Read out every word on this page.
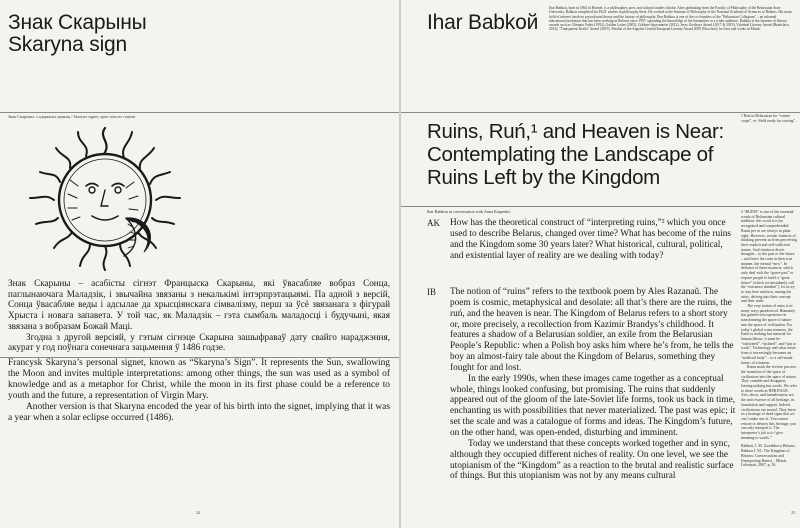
Знак Скарыны
Skaryna sign
Знак Скарыны: з адкрытых крыніц / Skaryna signet, open sources content

Знак Скарыны – асабісты сігнэт Францыска Скарыны, які ўвасабляе вобраз Сонца, паглынаючага Маладзік, і звычайна звязаны з некалькімі інтэрпрэтацыямі. Па адной з версій, Сонца ўвасабляе веды і адсылае да хрысціянскага сімвалізму, перш за ўсё звязанага з фігурай Хрыста і новага запавета. У той час, як Маладзік – гэта сымбаль маладосці і будучыні, якая звязана з вобразам Божай Маці.

Згодна з другой версіяй, у гэтым сігнэце Скарына зашыфраваў дату свайго нараджэння, акурат у год поўнага сонечнага зацьмення ў 1486 годзе.

Francysk Skaryna’s personal signet, known as “Skaryna’s Sign”. It represents the Sun, swallowing the Moon and invites multiple interpretations: among other things, the sun was used as a symbol of knowledge and as a metaphor for Christ, while the moon in its first phase could be a reference to youth and the future, a representation of Virgin Mary.

Another version is that Skaryna encoded the year of his birth into the signet, implying that it was a year when a solar eclipse occurred (1486).

24
Ihar Babkoй
Ihar Babkou, born in 1964 in Homiel, is a philosopher, poet, and cultural studies scholar. After graduating from the Faculty of Philosophy of the Belarusian State University, Babkou completed his Ph.D. studies in philosophy there. He worked at the Institute of Philosophy of the National Academy of Sciences of Belarus. His main field of interest involves postcolonial theory and the history of philosophy. Ihar Babkou is one of the co-founders of the "Belarusian Collegium" – an informal educational institution that has been working in Belarus since 1997, spreading the knowledge of the humanities to a wider audience. Babkou is the laureate of literary awards such as Glinnaia Vodes (1992), Golden Letter (2005), Goldner Sporsmartie (2012), Jerzy Giedroyc Award (2017 & 2019), Vyhebral Literary Award (Bratislava, 2014), "Transparent Kesha" Award (2019), Finalist of the Angelus Central European Literary Award 2009 (Wroclaw); he lives and works in Minsk.
Ruins, Ruń,¹ and Heaven is Near: Contemplating the Landscape of Ruins Left by the Kingdom
1 Ruń in Belarusian for “winter crops”, or “field ready for sowing”.
Ihar Babkou in conversation with Anna Karpenko
AK	How has the theoretical construct of “interpreting ruins,”² which you once used to describe Belarus, changed over time? What has become of the ruins and the Kingdom some 30 years later? What historical, cultural, political, and existential layer of reality are we dealing with today?
IB	The notion of “ruins” refers to the textbook poem by Ales Razanaŭ. The poem is cosmic, metaphysical and desolate: all that’s there are the ruins, the ruń, and the heaven is near. The Kingdom of Belarus refers to a short story or, more precisely, a recollection from Kazimir Brandys’s childhood. It features a shadow of a Belarusian soldier, an exile from the Belarusian People’s Republic: when a Polish boy asks him where he’s from, he tells the boy an almost-fairy tale about the Kingdom of Belarus, something they fought for and lost.

In the early 1990s, when these images came together as a conceptual whole, things looked confusing, but promising. The ruins that suddenly appeared out of the gloom of the late-Soviet life forms, took us back in time, enchanting us with possibilities that never materialized. The past was epic; it set the scale and was a catalogue of forms and ideas. The Kingdom’s future, on the other hand, was open-ended, disturbing and imminent.

Today we understand that these concepts worked together and in sync, although they occupied different niches of reality. On one level, we see the utopianism of the “Kingdom” as a reaction to the brutal and realistic surface of things. But this utopianism was not by any means cultural

2 “RUINS” is one of the essential words of Belarusian cultural tradition: this word is to be recognised and comprehended. Ruins per se are always in plain sight. However, secular instincts of thinking prevent us from perceiving their explicit and self-sufficient nature. Such instincts divert thoughts – to the past or the future – and leave the ruins in their true manner, the eternal “now”. In defiance of these instincts, which only deal with the “grave past” or require people to build a “great future” (which we mistakenly call the “existence mindset”), let us try to stay here and now, among the ruins, delving into their concept and their truth.

The very notion of ruins is in many ways paradoxical. Humanity has gained rich experience in transforming the space of nature into the space of civilization. For today’s global consciousness, the Earth is nothing but material for human labour; it must be “cultivated”, “utilized”, and “put to work”. Technology and what arises from it increasingly becomes an “artificial body” – or a self-made home, of a human.

Ruins mark the reverse process: the transition of the space of civilization into the space of nature. They crumble and disappear, leaving nothing but words. We refer to these words as HERITAGE. Arts, decor, and homelessness are the tacit essence of all heritage, its foundation and support. Indeed, civilizations are mortal. They leave us a heritage of dead signs that we can’t make use of. You cannot restore or destroy this heritage, you can only interpret it. The interpreter’s job is to “give meaning to words.”

Babkoŭ, I. M. Zaсtаbkоvа Belarus. Babkou I. M.: The Kingdom of Belarus: Conversations and (Interpreting Ruins) – Minsk: Lohvinaŭ, 2007, p. 16.

25
